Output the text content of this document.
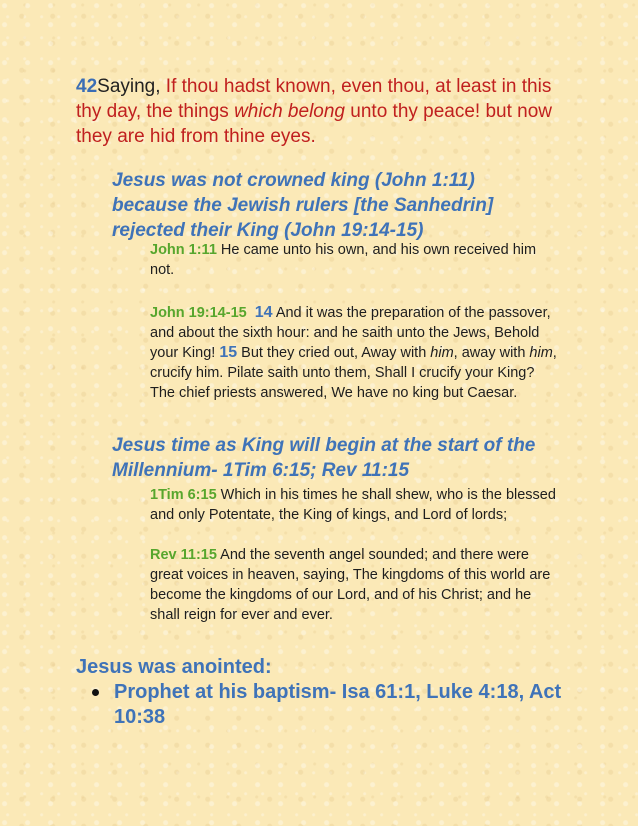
42Saying, If thou hadst known, even thou, at least in this thy day, the things which belong unto thy peace! but now they are hid from thine eyes.

Jesus was not crowned king (John 1:11) because the Jewish rulers [the Sanhedrin] rejected their King (John 19:14-15)
John 1:11 He came unto his own, and his own received him not.
John 19:14-15 14 And it was the preparation of the passover, and about the sixth hour: and he saith unto the Jews, Behold your King! 15 But they cried out, Away with him, away with him, crucify him. Pilate saith unto them, Shall I crucify your King? The chief priests answered, We have no king but Caesar.
Jesus time as King will begin at the start of the Millennium- 1Tim 6:15; Rev 11:15
1Tim 6:15 Which in his times he shall shew, who is the blessed and only Potentate, the King of kings, and Lord of lords;
Rev 11:15 And the seventh angel sounded; and there were great voices in heaven, saying, The kingdoms of this world are become the kingdoms of our Lord, and of his Christ; and he shall reign for ever and ever.
Jesus was anointed:
Prophet at his baptism- Isa 61:1, Luke 4:18, Act 10:38
